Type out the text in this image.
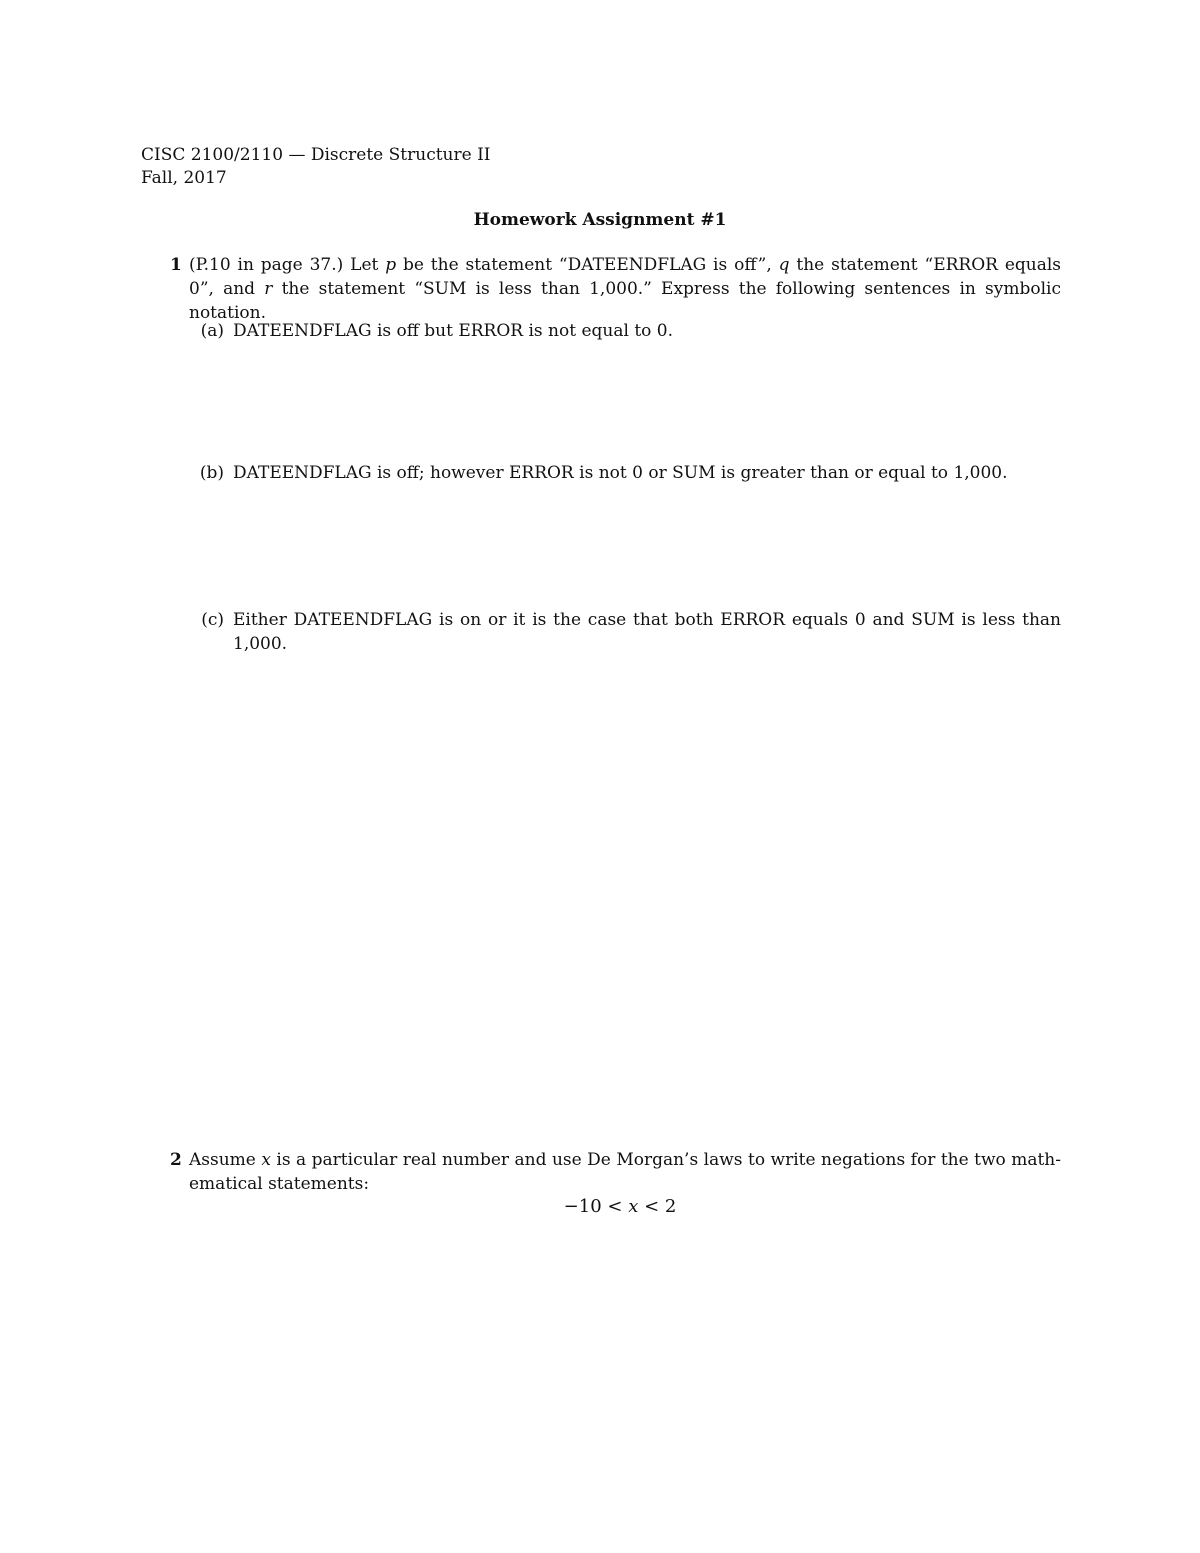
CISC 2100/2110 — Discrete Structure II
Fall, 2017
Homework Assignment #1
1 (P.10 in page 37.) Let p be the statement “DATEENDFLAG is off”, q the statement “ERROR equals 0”, and r the statement “SUM is less than 1,000.” Express the following sentences in symbolic notation.
(a) DATEENDFLAG is off but ERROR is not equal to 0.
(b) DATEENDFLAG is off; however ERROR is not 0 or SUM is greater than or equal to 1,000.
(c) Either DATEENDFLAG is on or it is the case that both ERROR equals 0 and SUM is less than 1,000.
2 Assume x is a particular real number and use De Morgan’s laws to write negations for the two math-ematical statements:
−10 < x < 2
